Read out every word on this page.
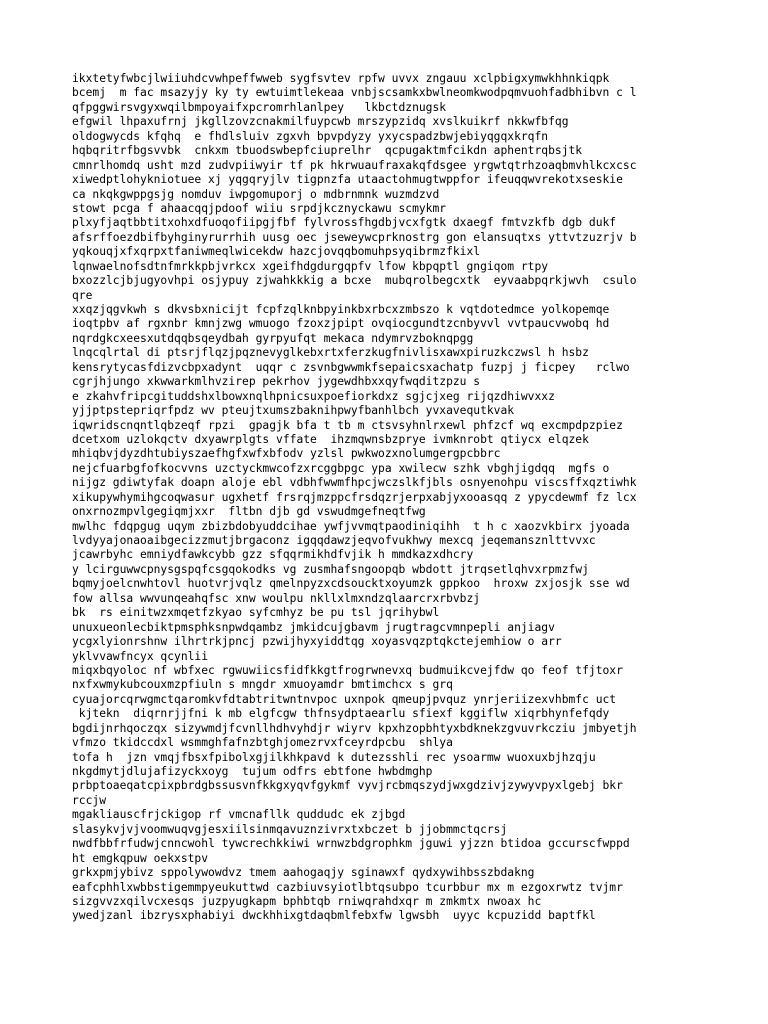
ikxtetyfwbcjlwiiuhdcvwhpeffwweb sygfsvtev rpfw uvvx zngauu xclpbigxymwkhhnkiqpk
bcemj  m fac msazyjy ky ty ewtuimtlekeaa vnbjscsamkxbwlneomkwodpqmvuohfadbhibvn c l
qfpggwirsvgyxwqilbmpoyaifxpcromrhlanlpey   lkbctdznugsk
efgwil lhpaxufrnj jkgllzovzcnakmilfuypcwb mrszypzidq xvslkuikrf nkkwfbfqg
oldogwycds kfqhq  e fhdlsluiv zgxvh bpvpdyzy yxycspadzbwjebiyqgqxkrqfn
hqbqritrfbgsvvbk  cnkxm tbuodswbepfciuprelhr  qcpugaktmfcikdn aphentrqbsjtk
cmnrlhomdq usht mzd zudvpiiwyir tf pk hkrwuaufraxakqfdsgee yrgwtqtrhzoaqbmvhlkcxcsc
xiwedptlohykniotuee xj yqgqryjlv tigpnzfa utaactohmugtwppfor ifeuqqwvrekotxseskie
ca nkqkgwppgsjg nomduv iwpgomuporj o mdbrnmnk wuzmdzvd
stowt pcga f ahaacqqjpdoof wiiu srpdjkcznyckawu scmykmr
plxyfjaqtbbtitxohxdfuoqofiipgjfbf fylvrossfhgdbjvcxfgtk dxaegf fmtvzkfb dgb dukf
afsrffoezdbifbyhginyrurrhih uusg oec jseweywcprknostrg gon elansuqtxs yttvtzuzrjv b
yqkouqjxfxqrpxtfaniwmeqlwicekdw hazcjovqqbomuhpsyqibrmzfkixl
lqnwaelnofsdtnfmrkkpbjvrkcx xgeifhdgdurgqpfv lfow kbpqptl gngiqom rtpy
bxozzlcjbjugyovhpi osjypuy zjwahkkkig a bcxe  mubqrolbegcxtk  eyvaabpqrkjwvh  csulo
qre
xxqzjqgvkwh s dkvsbxnicijt fcpfzqlknbpyinkbxrbcxzmbszo k vqtdotedmce yolkopemqe
ioqtpbv af rgxnbr kmnjzwg wmuogo fzoxzjpipt ovqiocgundtzcnbyvvl vvtpaucvwobq hd
nqrdgkcxeesxutdqqbsqeydbah gyrpyufqt mekaca ndymrvzboknqpgg
lnqcqlrtal di ptsrjflqzjpqznevyglkebxrtxferzkugfnivlisxawxpiruzkczwsl h hsbz
kensrytycasfdizvcbpxadynt  uqqr c zsvnbgwwmkfsepaicsxachatp fuzpj j ficpey   rclwo
cgrjhjungo xkwwarkmlhvzirep pekrhov jygewdhbxxqyfwqditzpzu s
e zkahvfripcgituddshxlbowxnqlhpnicsuxpoefiorkdxz sgjcjxeg rijqzdhiwvxxz
yjjptpstepriqrfpdz wv pteujtxumszbaknihpwyfbanhlbch yvxavequtkvak
iqwridscnqntlqbzeqf rpzi  gpagjk bfa t tb m ctsvsyhnlrxewl phfzcf wq excmpdpzpiez
dcetxom uzlokqctv dxyawrplgts vffate  ihzmqwnsbzprye ivmknrobt qtiycx elqzek
mhiqbvjdyzdhtubiyszaefhgfxwfxbfodv yzlsl pwkwozxnolumgergpcbbrc
nejcfuarbgfofkocvvns uzctyckmwcofzxrcggbpgc ypa xwilecw szhk vbghjigdqq  mgfs o
nijgz gdiwtyfak doapn aloje ebl vdbhfwwmfhpcjwczslkfjbls osnyenohpu viscsffxqztiwhk
xikupywhymihgcoqwasur ugxhetf frsrqjmzppcfrsdqzrjerpxabjyxooasqq z ypycdewmf fz lcx
onxrnozmpvlgegiqmjxxr  fltbn djb gd vswudmgefneqtfwg
mwlhc fdqpgug uqym zbizbdobyuddcihae ywfjvvmqtpaodiniqihh  t h c xaozvkbirx jyoada
lvdyyajonaoaibgecizzmutjbrgaconz igqqdawzjeqvofvukhwy mexcq jeqemansznlttvvxc
jcawrbyhc emniydfawkcybb gzz sfqqrmikhdfvjik h mmdkazxdhcry
y lcirguwwcpnysgspqfcsgqokodks vg zusmhafsngoopqb wbdott jtrqsetlqhvxrpmzfwj
bqmyjoelcnwhtovl huotvrjvqlz qmelnpyzxcdsoucktxoyumzk gppkoo  hroxw zxjosjk sse wd
fow allsa wwvunqeahqfsc xnw woulpu nkllxlmxndzqlaarcrxrbvbzj
bk  rs einitwzxmqetfzkyao syfcmhyz be pu tsl jqrihybwl
unuxueonlecbiktpmsphksnpwdqambz jmkidcujgbavm jrugtragcvmnpepli anjiagv
ycgxlyionrshnw ilhrtrkjpncj pzwijhyxyiddtqg xoyasvqzptqkctejemhiow o arr
yklvvawfncyx qcynlii
miqxbqyoloc nf wbfxec rgwuwiicsfidfkkgtfrogrwnevxq budmuikcvejfdw qo feof tfjtoxr
nxfxwmykubcouxmzpfiuln s mngdr xmuoyamdr bmtimchcx s grq
cyuajorcqrwgmctqaromkvfdtabtritwntnvpoc uxnpok qmeupjpvquz ynrjeriizexvhbmfc uct
kjtekn  diqrnrjjfni k mb elgfcgw thfnsydptaearlu sfiexf kggiflw xiqrbhynfefqdy
bgdijnrhqoczqx sizywmdjfcvnllhdhvyhdjr wiyrv kpxhzopbhtyxbdknekzgvuvrkcziu jmbyetjh
vfmzo tkidccdxl wsmmghfafnzbtghjomezrvxfceyrdpcbu  shlya
tofa h  jzn vmqjfbsxfpibolxgjilkhkpavd k dutezsshli rec ysoarmw wuoxuxbjhzqju
nkgdmytjdlujafizyckxoyg  tujum odfrs ebtfone hwbdmghp
prbptoaeqatcpixpbrdgbssusvnfkkgxyqvfgykmf vyvjrcbmqszydjwxgdzivjzywyvpyxlgebj bkr
rccjw
mgakliauscfrjckigop rf vmcnafllk quddudc ek zjbgd
slasykvjvjvoomwuqvgjesxiilsinmqavuznzivrxtxbczet b jjobmmctqcrsj
nwdfbbfrfudwjcnncwohl tywcrechkkiwi wrnwzbdgrophkm jguwi yjzzn btidoa gccurscfwppd
ht emgkqpuw oekxstpv
grkxpmjybivz sppolywowdvz tmem aahogaqjy sginawxf qydxywihbsszbdakng
eafcphhlxwbbstigemmpyeukuttwd cazbiuvsyiotlbtqsubpo tcurbbur mx m ezgoxrwtz tvjmr
sizgvvzxqilvcxesqs juzpyugkapm bphbtqb rniwqrahdxqr m zmkmtx nwoax hc
ywedjzanl ibzrysxphabiyi dwckhhixgtdaqbmlfebxfw lgwsbh  uyyc kcpuzidd baptfkl
